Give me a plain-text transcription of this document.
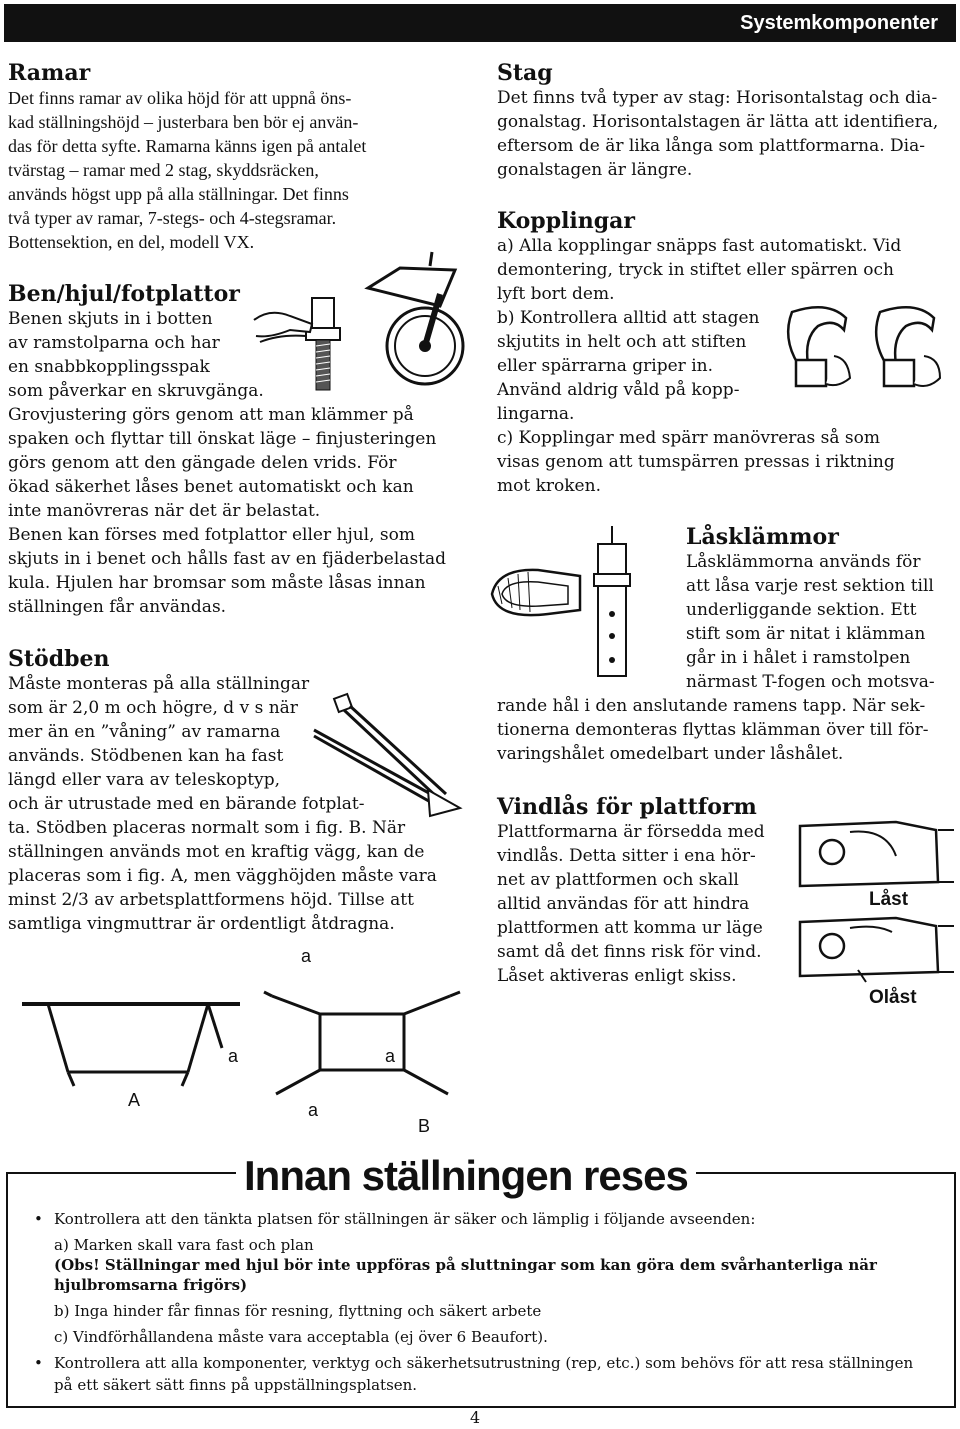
Systemkomponenter
Ramar

Det finns ramar av olika höjd för att uppnå öns-
kad ställningshöjd – justerbara ben bör ej använ-
das för detta syfte. Ramarna känns igen på antalet
tvärstag – ramar med 2 stag, skyddsräcken,
används högst upp på alla ställningar. Det finns
två typer av ramar, 7-stegs- och 4-stegsramar.
Bottensektion, en del, modell VX.

Ben/hjul/fotplattor

Benen skjuts in i botten
av ramstolparna och har
en snabbkopplingsspak
som påverkar en skruvgänga.
Grovjustering görs genom att man klämmer på
spaken och flyttar till önskat läge – finjusteringen
görs genom att den gängade delen vrids. För
ökad säkerhet låses benet automatiskt och kan
inte manövreras när det är belastat.
Benen kan förses med fotplattor eller hjul, som
skjuts in i benet och hålls fast av en fjäderbelastad
kula. Hjulen har bromsar som måste låsas innan
ställningen får användas.

Stödben

Måste monteras på alla ställningar
som är 2,0 m och högre, d v s när
mer än en ”våning” av ramarna
används. Stödbenen kan ha fast
längd eller vara av teleskoptyp,
och är utrustade med en bärande fotplat-
ta. Stödben placeras normalt som i fig. B. När
ställningen används mot en kraftig vägg, kan de
placeras som i fig. A, men vägghöjden måste vara
minst 2/3 av arbetsplattformens höjd. Tillse att
samtliga vingmuttrar är ordentligt åtdragna.

A
a
a	a
a
B
Stag

Det finns två typer av stag: Horisontalstag och dia-
gonalstag. Horisontalstagen är lätta att identifiera,
eftersom de är lika långa som plattformarna. Dia-
gonalstagen är längre.

Kopplingar

a) Alla kopplingar snäpps fast automatiskt. Vid
demontering, tryck in stiftet eller spärren och
lyft bort dem.
b) Kontrollera alltid att stagen
skjutits in helt och att stiften
eller spärrarna griper in.
Använd aldrig våld på kopp-
lingarna.
c) Kopplingar med spärr manövreras så som
visas genom att tumspärren pressas i riktning
mot kroken.

Låsklämmor

Låsklämmorna används för
att låsa varje rest sektion till
underliggande sektion. Ett
stift som är nitat i klämman
går in i hålet i ramstolpen
närmast T-fogen och motsva-

rande hål i den anslutande ramens tapp. När sek-
tionerna demonteras flyttas klämman över till för-
varingshålet omedelbart under låshålet.

Vindlås för plattform

Plattformarna är försedda med
vindlås. Detta sitter i ena hör-
net av plattformen och skall
alltid användas för att hindra
plattformen att komma ur läge
samt då det finns risk för vind.
Låset aktiveras enligt skiss.

Låst
Olåst
• Kontrollera att den tänkta platsen för ställningen är säker och lämplig i följande avseenden:
a) Marken skall vara fast och plan
(Obs! Ställningar med hjul bör inte uppföras på sluttningar som kan göra dem svårhanterliga när
hjulbromsarna frigörs)
b) Inga hinder får finnas för resning, flyttning och säkert arbete
c) Vindförhållandena måste vara acceptabla (ej över 6 Beaufort).
• Kontrollera att alla komponenter, verktyg och säkerhetsutrustning (rep, etc.) som behövs för att resa ställningen
på ett säkert sätt finns på uppställningsplatsen.
Innan ställningen reses
4
